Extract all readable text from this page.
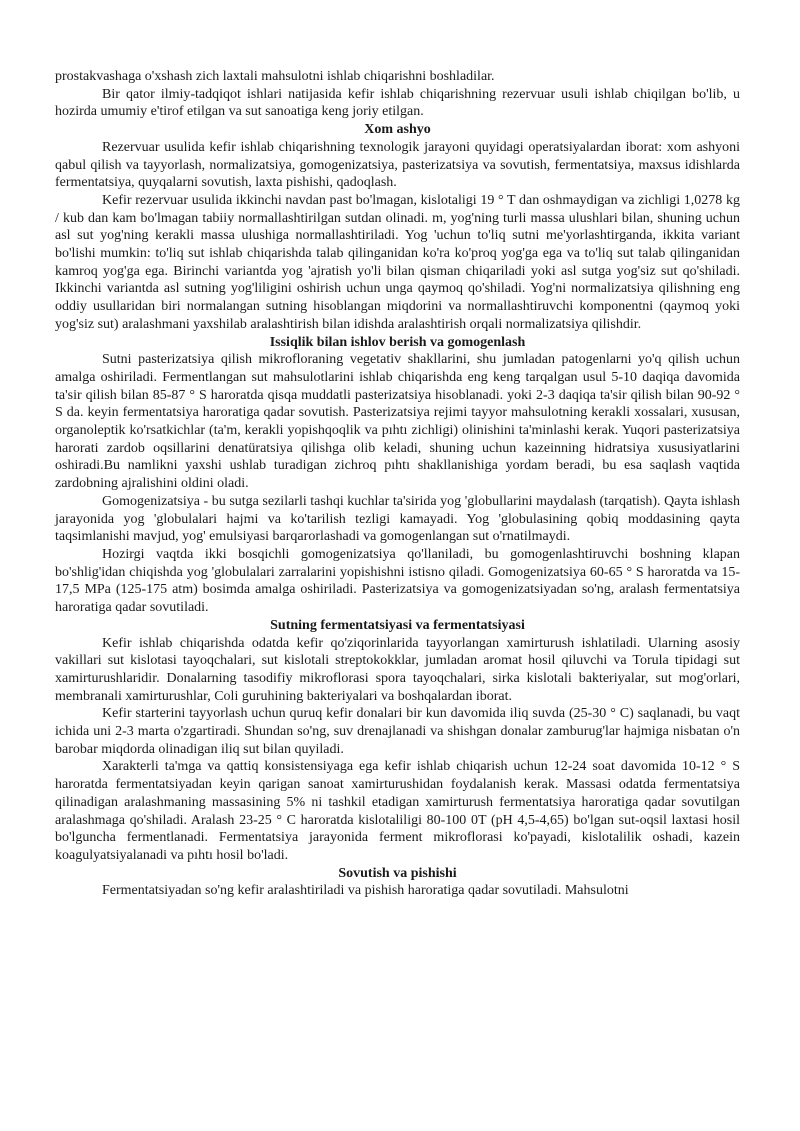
prostakvashaga o'xshash zich laxtali mahsulotni ishlab chiqarishni boshladilar.

Bir qator ilmiy-tadqiqot ishlari natijasida kefir ishlab chiqarishning rezervuar usuli ishlab chiqilgan bo'lib, u hozirda umumiy e'tirof etilgan va sut sanoatiga keng joriy etilgan.

Xom ashyo

Rezervuar usulida kefir ishlab chiqarishning texnologik jarayoni quyidagi operatsiyalardan iborat: xom ashyoni qabul qilish va tayyorlash, normalizatsiya, gomogenizatsiya, pasterizatsiya va sovutish, fermentatsiya, maxsus idishlarda fermentatsiya, quyqalarni sovutish, laxta pishishi, qadoqlash.

Kefir rezervuar usulida ikkinchi navdan past bo'lmagan, kislotaligi 19 ° T dan oshmaydigan va zichligi 1,0278 kg / kub dan kam bo'lmagan tabiiy normallashtirilgan sutdan olinadi. m, yog'ning turli massa ulushlari bilan, shuning uchun asl sut yog'ning kerakli massa ulushiga normallashtiriladi. Yog 'uchun to'liq sutni me'yorlashtirganda, ikkita variant bo'lishi mumkin: to'liq sut ishlab chiqarishda talab qilinganidan ko'ra ko'proq yog'ga ega va to'liq sut talab qilinganidan kamroq yog'ga ega. Birinchi variantda yog 'ajratish yo'li bilan qisman chiqariladi yoki asl sutga yog'siz sut qo'shiladi. Ikkinchi variantda asl sutning yog'liligini oshirish uchun unga qaymoq qo'shiladi. Yog'ni normalizatsiya qilishning eng oddiy usullaridan biri normalangan sutning hisoblangan miqdorini va normallashtiruvchi komponentni (qaymoq yoki yog'siz sut) aralashmani yaxshilab aralashtirish bilan idishda aralashtirish orqali normalizatsiya qilishdir.

Issiqlik bilan ishlov berish va gomogenlash

Sutni pasterizatsiya qilish mikrofloraning vegetativ shakllarini, shu jumladan patogenlarni yo'q qilish uchun amalga oshiriladi. Fermentlangan sut mahsulotlarini ishlab chiqarishda eng keng tarqalgan usul 5-10 daqiqa davomida ta'sir qilish bilan 85-87 ° S haroratda qisqa muddatli pasterizatsiya hisoblanadi. yoki 2-3 daqiqa ta'sir qilish bilan 90-92 ° S da. keyin fermentatsiya haroratiga qadar sovutish. Pasterizatsiya rejimi tayyor mahsulotning kerakli xossalari, xususan, organoleptik ko'rsatkichlar (ta'm, kerakli yopishqoqlik va pıhtı zichligi) olinishini ta'minlashi kerak. Yuqori pasterizatsiya harorati zardob oqsillarini denatüratsiya qilishga olib keladi, shuning uchun kazeinning hidratsiya xususiyatlarini oshiradi.Bu namlikni yaxshi ushlab turadigan zichroq pıhtı shakllanishiga yordam beradi, bu esa saqlash vaqtida zardobning ajralishini oldini oladi.

Gomogenizatsiya - bu sutga sezilarli tashqi kuchlar ta'sirida yog 'globullarini maydalash (tarqatish). Qayta ishlash jarayonida yog 'globulalari hajmi va ko'tarilish tezligi kamayadi. Yog 'globulasining qobiq moddasining qayta taqsimlanishi mavjud, yog' emulsiyasi barqarorlashadi va gomogenlangan sut o'rnatilmaydi.

Hozirgi vaqtda ikki bosqichli gomogenizatsiya qo'llaniladi, bu gomogenlashtiruvchi boshning klapan bo'shlig'idan chiqishda yog 'globulalari zarralarini yopishishni istisno qiladi. Gomogenizatsiya 60-65 ° S haroratda va 15-17,5 MPa (125-175 atm) bosimda amalga oshiriladi. Pasterizatsiya va gomogenizatsiyadan so'ng, aralash fermentatsiya haroratiga qadar sovutiladi.

Sutning fermentatsiyasi va fermentatsiyasi

Kefir ishlab chiqarishda odatda kefir qo'ziqorinlarida tayyorlangan xamirturush ishlatiladi. Ularning asosiy vakillari sut kislotasi tayoqchalari, sut kislotali streptokokklar, jumladan aromat hosil qiluvchi va Torula tipidagi sut xamirturushlaridir. Donalarning tasodifiy mikroflorasi spora tayoqchalari, sirka kislotali bakteriyalar, sut mog'orlari, membranali xamirturushlar, Coli guruhining bakteriyalari va boshqalardan iborat.

Kefir starterini tayyorlash uchun quruq kefir donalari bir kun davomida iliq suvda (25-30 ° C) saqlanadi, bu vaqt ichida uni 2-3 marta o'zgartiradi. Shundan so'ng, suv drenajlanadi va shishgan donalar zamburug'lar hajmiga nisbatan o'n barobar miqdorda olinadigan iliq sut bilan quyiladi.

Xarakterli ta'mga va qattiq konsistensiyaga ega kefir ishlab chiqarish uchun 12-24 soat davomida 10-12 ° S haroratda fermentatsiyadan keyin qarigan sanoat xamirturushidan foydalanish kerak. Massasi odatda fermentatsiya qilinadigan aralashmaning massasining 5% ni tashkil etadigan xamirturush fermentatsiya haroratiga qadar sovutilgan aralashmaga qo'shiladi. Aralash 23-25 ° C haroratda kislotaliligi 80-100 0T (pH 4,5-4,65) bo'lgan sut-oqsil laxtasi hosil bo'lguncha fermentlanadi. Fermentatsiya jarayonida ferment mikroflorasi ko'payadi, kislotalilik oshadi, kazein koagulyatsiyalanadi va pıhtı hosil bo'ladi.

Sovutish va pishishi

Fermentatsiyadan so'ng kefir aralashtiriladi va pishish haroratiga qadar sovutiladi. Mahsulotni
